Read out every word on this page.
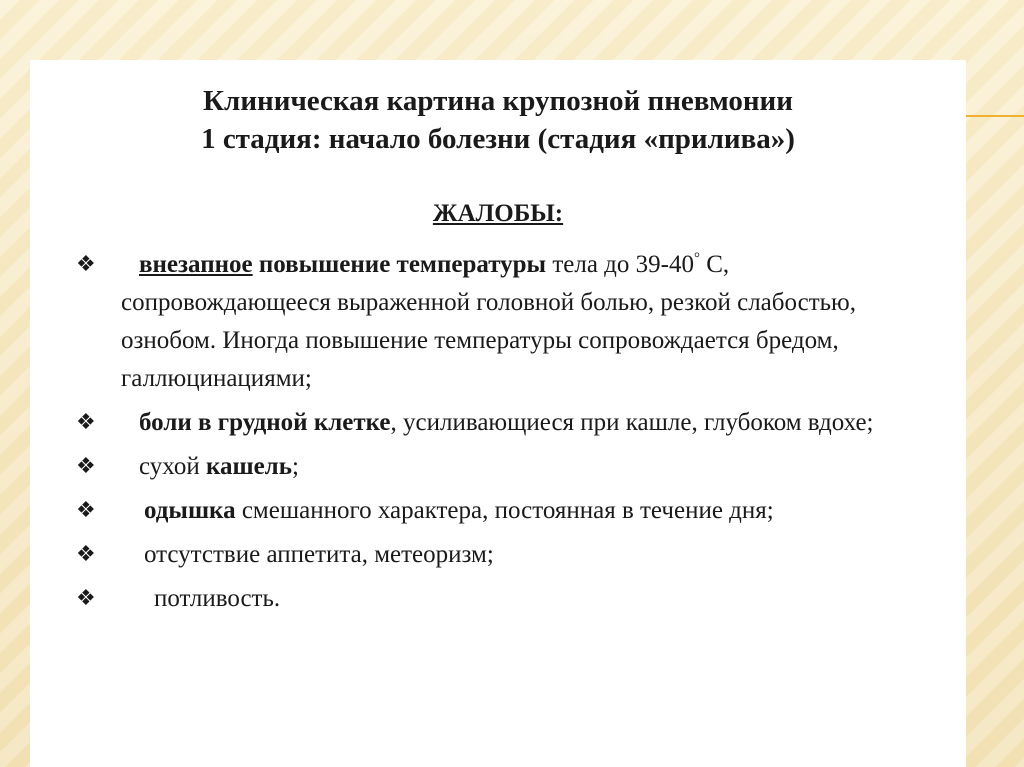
Клиническая картина крупозной пневмонии
1 стадия: начало болезни (стадия «прилива»)
ЖАЛОБЫ:
❖ внезапное повышение температуры тела до 39-40° С, сопровождающееся выраженной головной болью, резкой слабостью, ознобом. Иногда повышение температуры сопровождается бредом, галлюцинациями;
❖ боли в грудной клетке, усиливающиеся при кашле, глубоком вдохе;
❖ сухой кашель;
❖ одышка смешанного характера, постоянная в течение дня;
❖ отсутствие аппетита, метеоризм;
❖ потливость.
